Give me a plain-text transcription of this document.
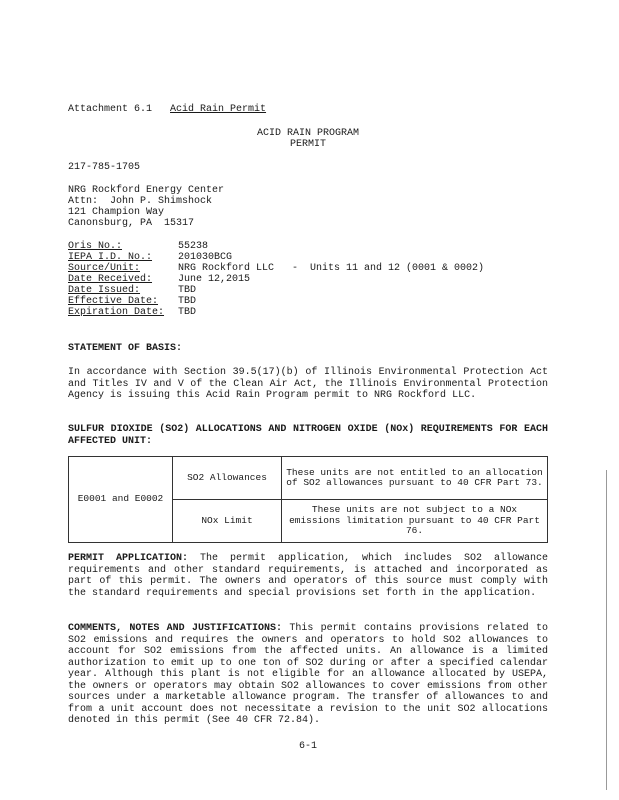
Attachment 6.1 Acid Rain Permit
ACID RAIN PROGRAM
PERMIT
217-785-1705
NRG Rockford Energy Center
Attn:  John P. Shimshock
121 Champion Way
Canonsburg, PA  15317
Oris No.:	55238
IEPA I.D. No.:	201030BCG
Source/Unit:	NRG Rockford LLC   -  Units 11 and 12 (0001 & 0002)
Date Received:	June 12,2015
Date Issued:	TBD
Effective Date: TBD
Expiration Date: TBD
STATEMENT OF BASIS:
In accordance with Section 39.5(17)(b) of Illinois Environmental Protection Act and Titles IV and V of the Clean Air Act, the Illinois Environmental Protection Agency is issuing this Acid Rain Program permit to NRG Rockford LLC.
SULFUR DIOXIDE (SO2) ALLOCATIONS AND NITROGEN OXIDE (NOx) REQUIREMENTS FOR EACH AFFECTED UNIT:
E0001 and E0002	SO2 Allowances	These units are not entitled to an allocation of SO2 allowances pursuant to 40 CFR Part 73.
	NOx Limit	These units are not subject to a NOx emissions limitation pursuant to 40 CFR Part 76.
PERMIT APPLICATION: The permit application, which includes SO2 allowance requirements and other standard requirements, is attached and incorporated as part of this permit. The owners and operators of this source must comply with the standard requirements and special provisions set forth in the application.
COMMENTS, NOTES AND JUSTIFICATIONS: This permit contains provisions related to SO2 emissions and requires the owners and operators to hold SO2 allowances to account for SO2 emissions from the affected units. An allowance is a limited authorization to emit up to one ton of SO2 during or after a specified calendar year. Although this plant is not eligible for an allowance allocated by USEPA, the owners or operators may obtain SO2 allowances to cover emissions from other sources under a marketable allowance program. The transfer of allowances to and from a unit account does not necessitate a revision to the unit SO2 allocations denoted in this permit (See 40 CFR 72.84).
6-1
